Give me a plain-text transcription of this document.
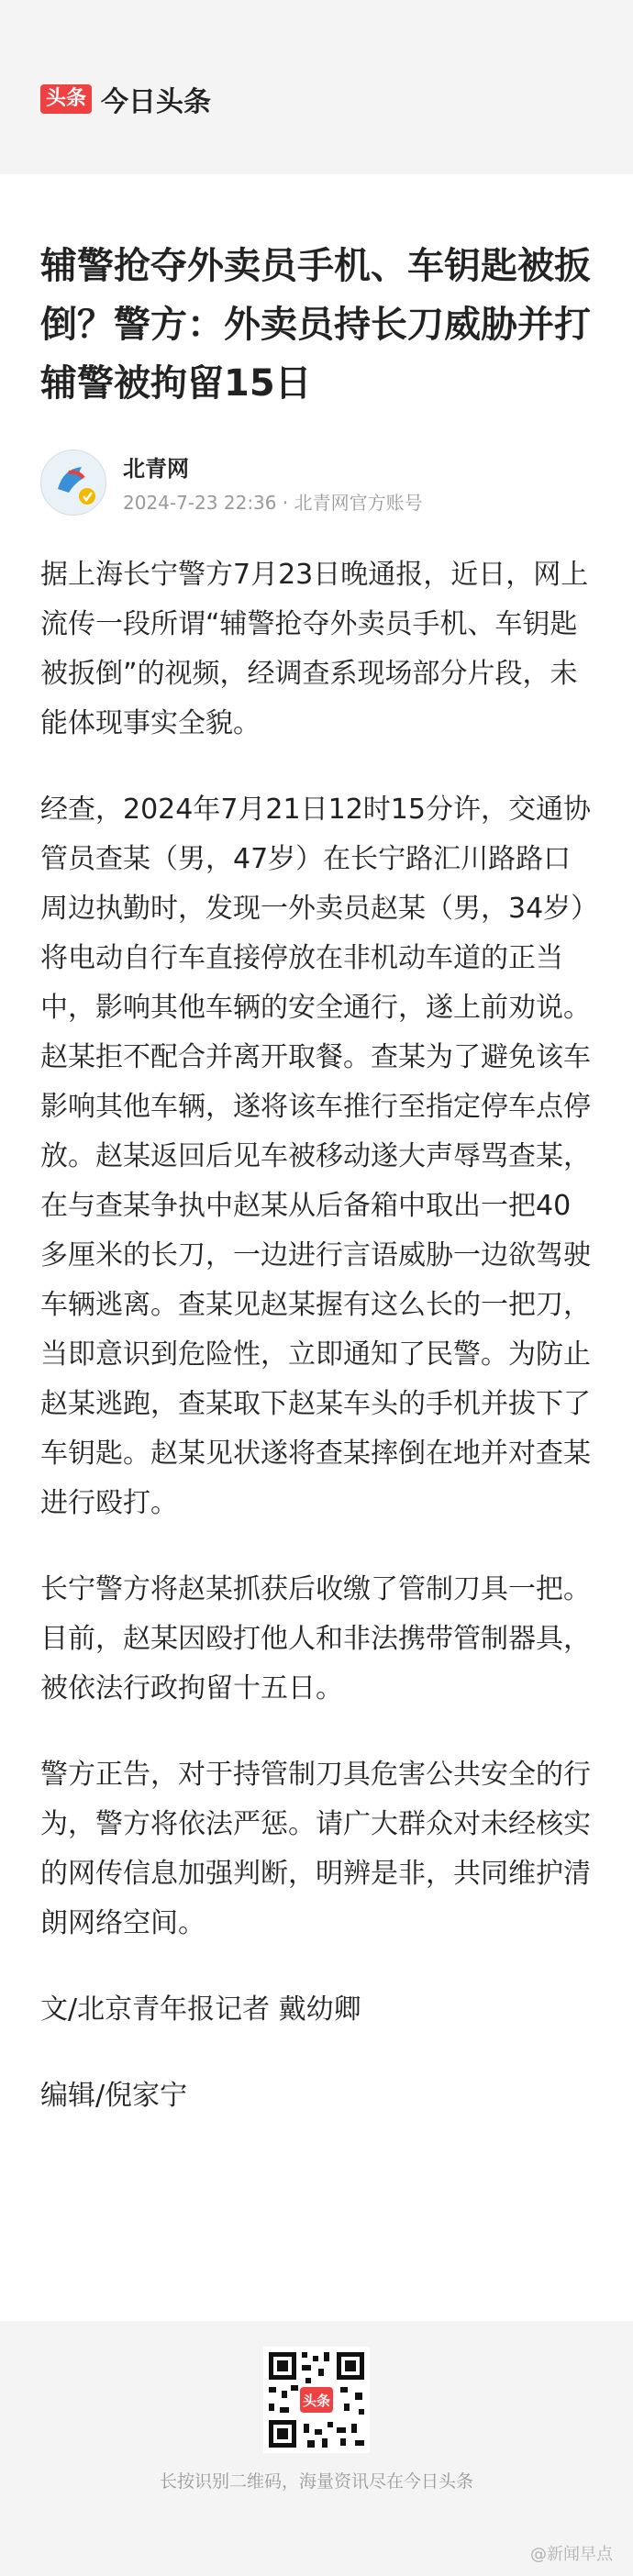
头条 今日头条
辅警抢夺外卖员手机、车钥匙被扳倒？警方：外卖员持长刀威胁并打辅警被拘留15日
北青网
2024-7-23 22:36 · 北青网官方账号

据上海长宁警方7月23日晚通报，近日，网上流传一段所谓“辅警抢夺外卖员手机、车钥匙被扳倒”的视频，经调查系现场部分片段，未能体现事实全貌。

经查，2024年7月21日12时15分许，交通协管员查某（男，47岁）在长宁路汇川路路口周边执勤时，发现一外卖员赵某（男，34岁）将电动自行车直接停放在非机动车道的正当中，影响其他车辆的安全通行，遂上前劝说。赵某拒不配合并离开取餐。查某为了避免该车影响其他车辆，遂将该车推行至指定停车点停放。赵某返回后见车被移动遂大声辱骂查某，在与查某争执中赵某从后备箱中取出一把40多厘米的长刀，一边进行言语威胁一边欲驾驶车辆逃离。查某见赵某握有这么长的一把刀，当即意识到危险性，立即通知了民警。为防止赵某逃跑，查某取下赵某车头的手机并拔下了车钥匙。赵某见状遂将查某摔倒在地并对查某进行殴打。

长宁警方将赵某抓获后收缴了管制刀具一把。目前，赵某因殴打他人和非法携带管制器具，被依法行政拘留十五日。

警方正告，对于持管制刀具危害公共安全的行为，警方将依法严惩。请广大群众对未经核实的网传信息加强判断，明辨是非，共同维护清朗网络空间。

文/北京青年报记者 戴幼卿

编辑/倪家宁

头条
长按识别二维码，海量资讯尽在今日头条
@新闻早点
